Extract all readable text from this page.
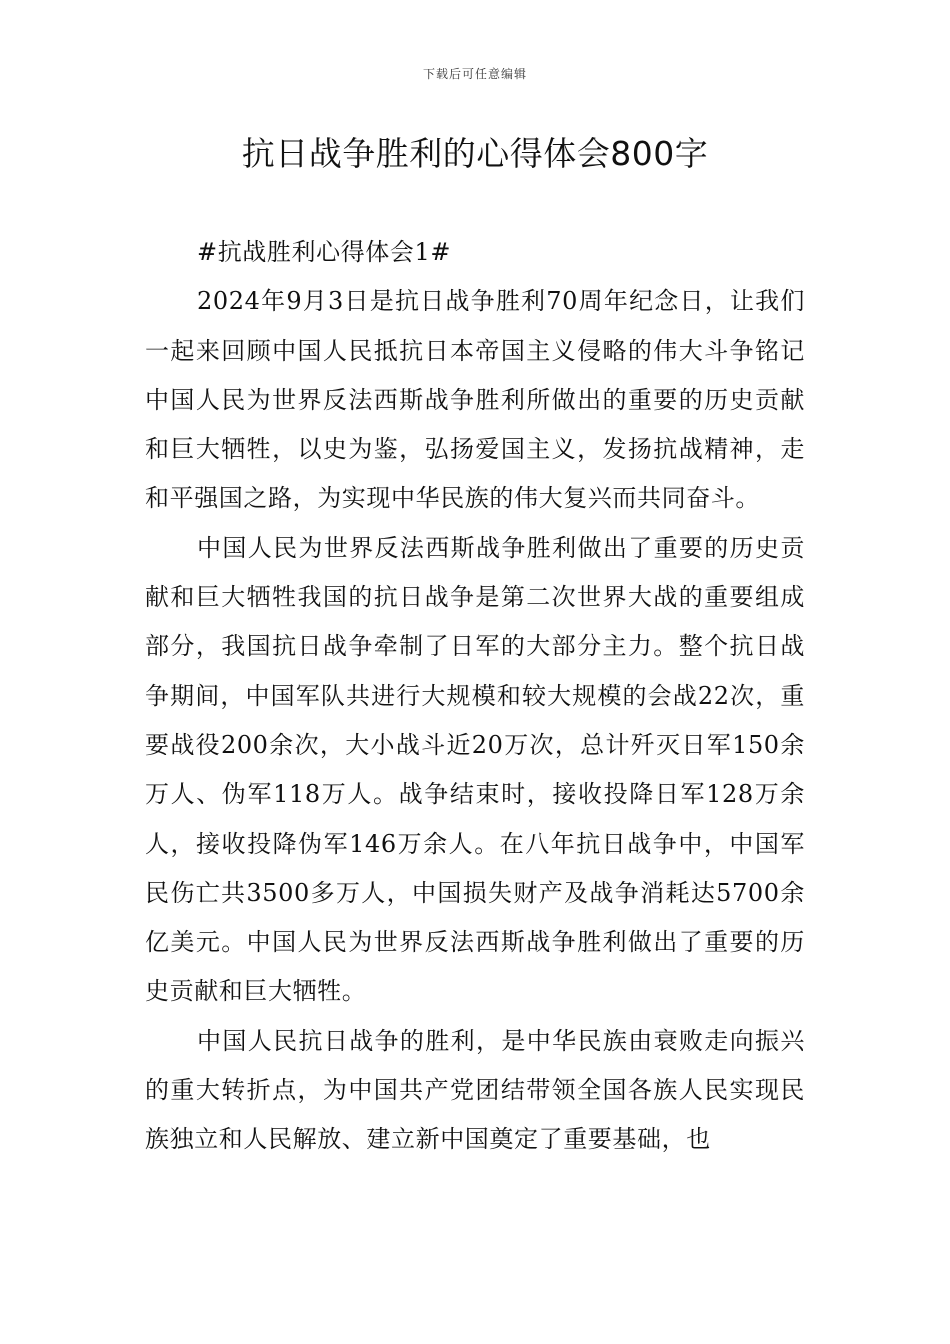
下载后可任意编辑
抗日战争胜利的心得体会800字

#抗战胜利心得体会1#

2024年9月3日是抗日战争胜利70周年纪念日，让我们一起来回顾中国人民抵抗日本帝国主义侵略的伟大斗争铭记中国人民为世界反法西斯战争胜利所做出的重要的历史贡献和巨大牺牲，以史为鉴，弘扬爱国主义，发扬抗战精神，走和平强国之路，为实现中华民族的伟大复兴而共同奋斗。

中国人民为世界反法西斯战争胜利做出了重要的历史贡献和巨大牺牲我国的抗日战争是第二次世界大战的重要组成部分，我国抗日战争牵制了日军的大部分主力。整个抗日战争期间，中国军队共进行大规模和较大规模的会战22次，重要战役200余次，大小战斗近20万次，总计歼灭日军150余万人、伪军118万人。战争结束时，接收投降日军128万余人，接收投降伪军146万余人。在八年抗日战争中，中国军民伤亡共3500多万人，中国损失财产及战争消耗达5700余亿美元。中国人民为世界反法西斯战争胜利做出了重要的历史贡献和巨大牺牲。

中国人民抗日战争的胜利，是中华民族由衰败走向振兴的重大转折点，为中国共产党团结带领全国各族人民实现民族独立和人民解放、建立新中国奠定了重要基础，也
